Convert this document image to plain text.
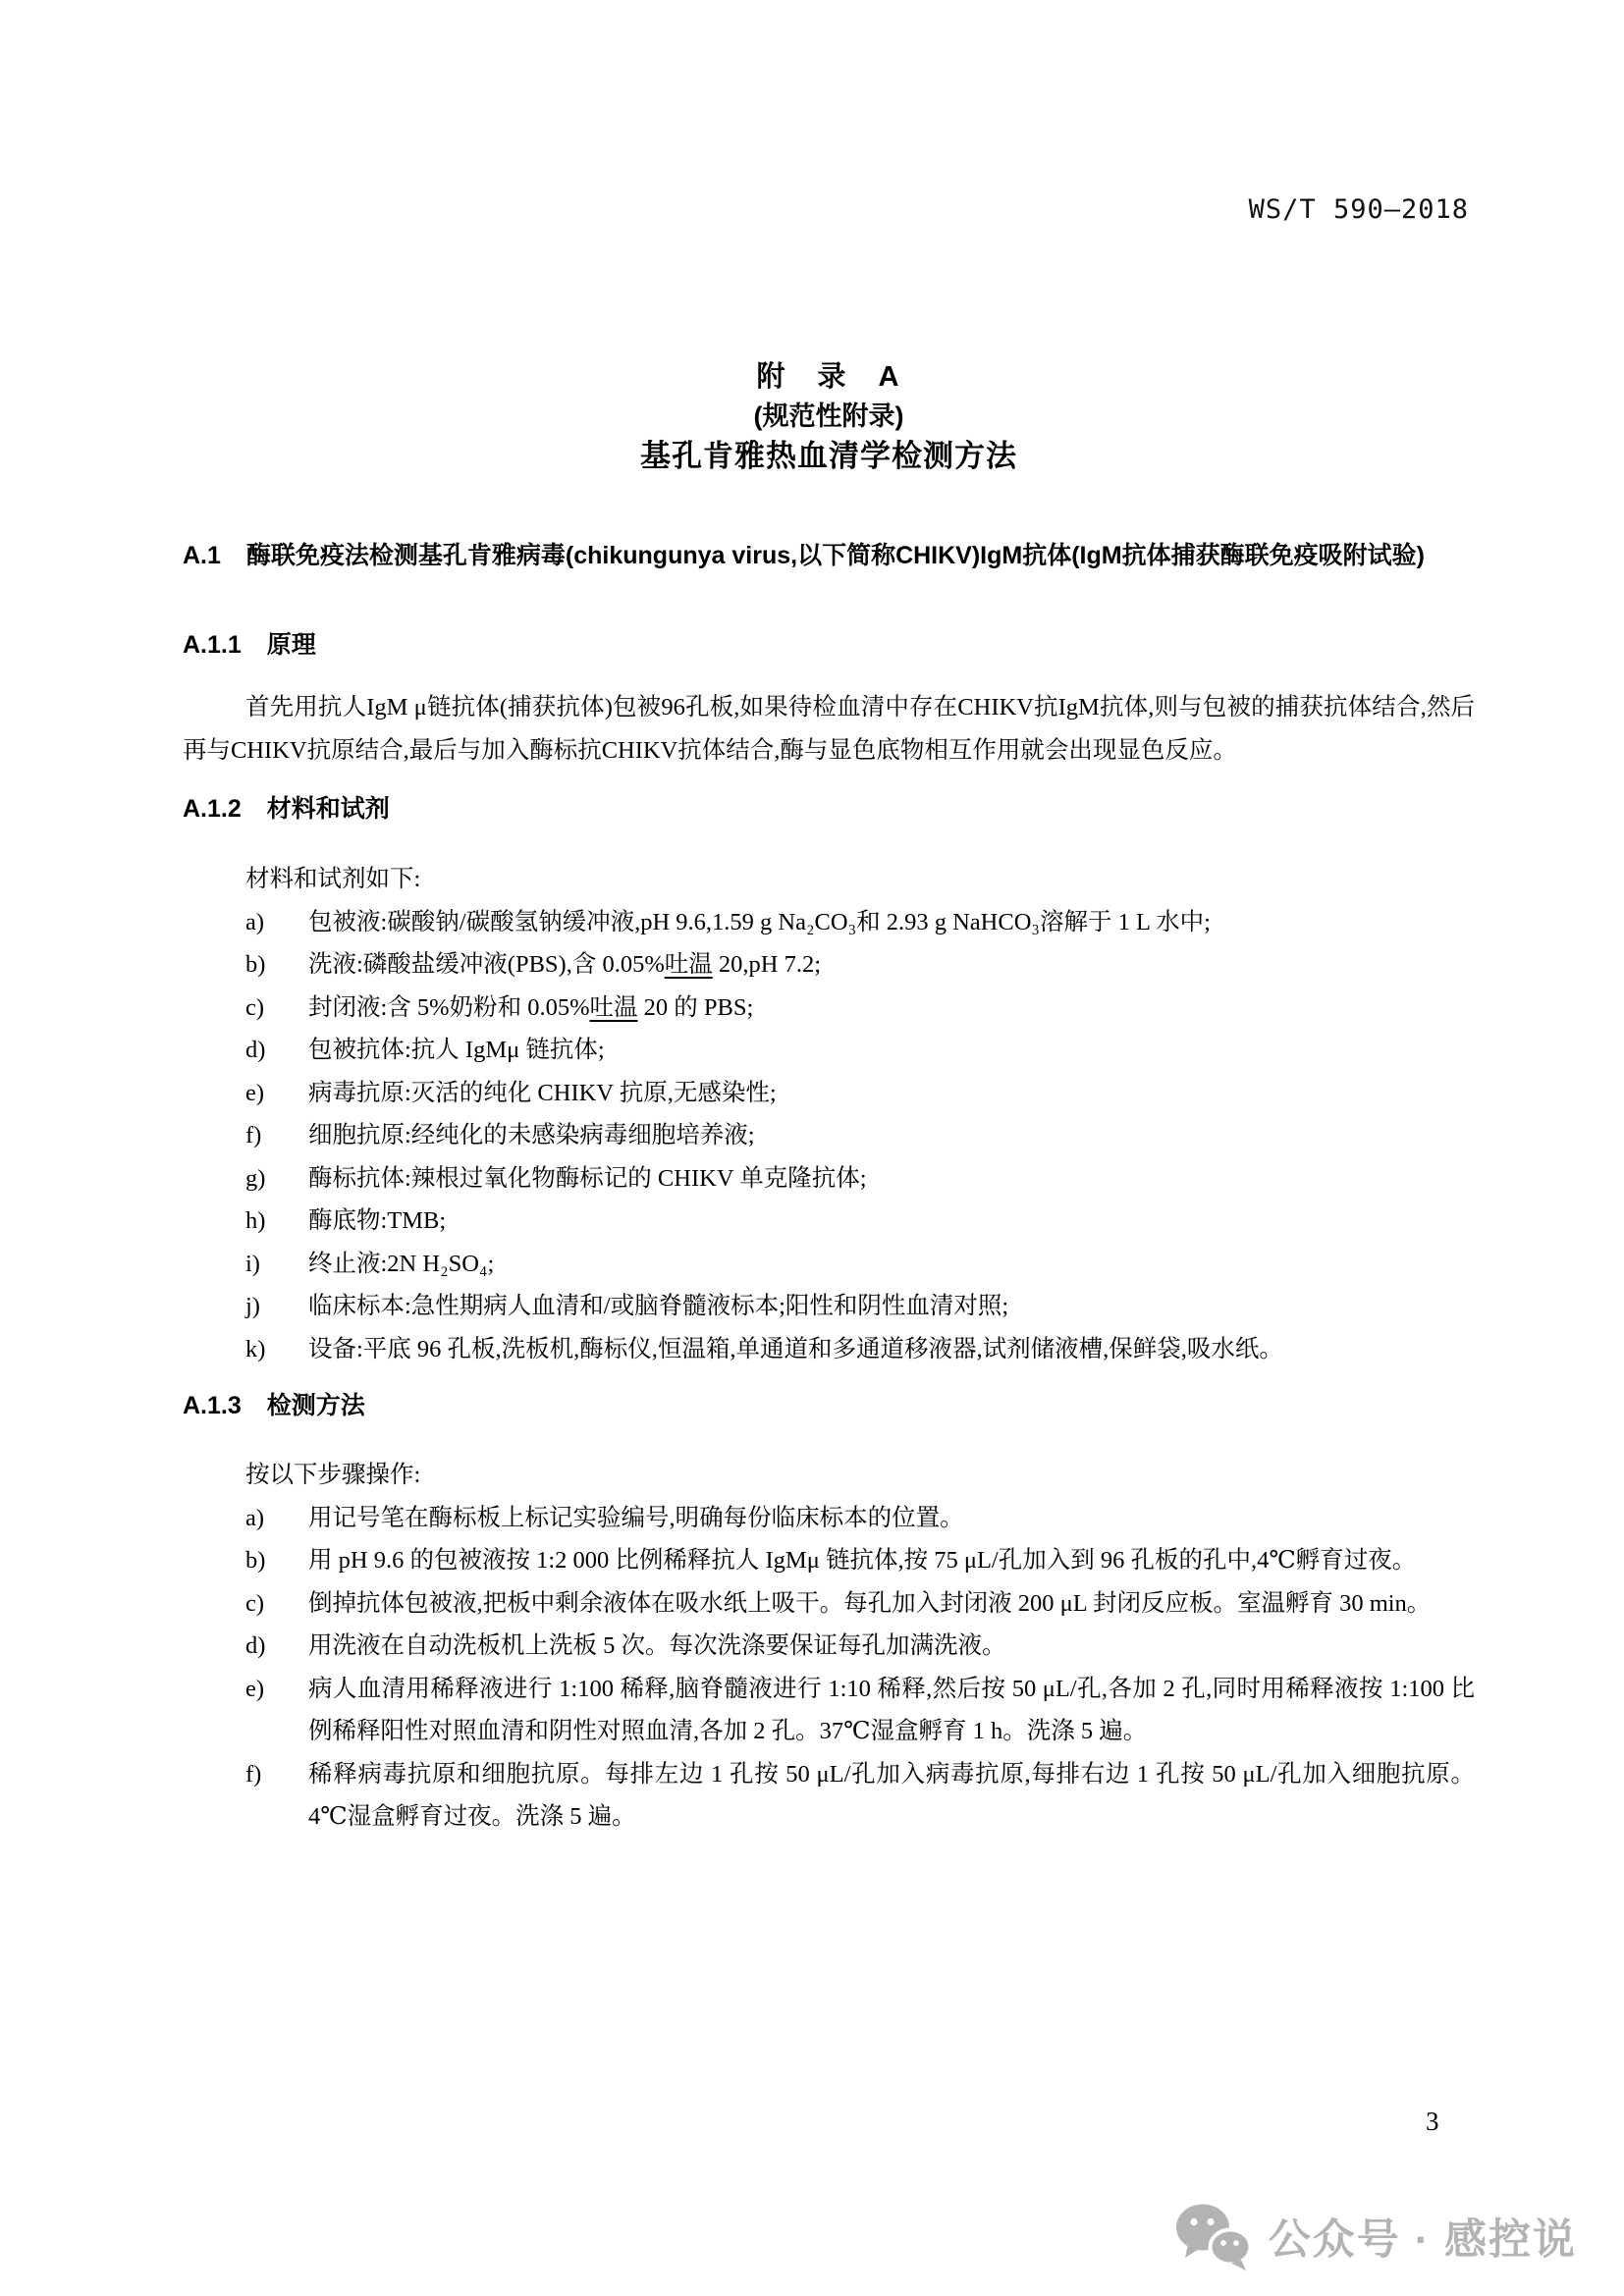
WS/T 590—2018
附　录　A
(规范性附录)
基孔肯雅热血清学检测方法
A.1 酶联免疫法检测基孔肯雅病毒(chikungunya virus,以下简称CHIKV)IgM抗体(IgM抗体捕获酶联免疫吸附试验)
A.1.1 原理
首先用抗人IgM μ链抗体(捕获抗体)包被96孔板,如果待检血清中存在CHIKV抗IgM抗体,则与包被的捕获抗体结合,然后再与CHIKV抗原结合,最后与加入酶标抗CHIKV抗体结合,酶与显色底物相互作用就会出现显色反应。
A.1.2 材料和试剂
材料和试剂如下:
a) 包被液:碳酸钠/碳酸氢钠缓冲液,pH 9.6,1.59 g Na₂CO₃和 2.93 g NaHCO₃溶解于 1 L 水中;
b) 洗液:磷酸盐缓冲液(PBS),含 0.05%吐温 20,pH 7.2;
c) 封闭液:含 5%奶粉和 0.05%吐温 20 的 PBS;
d) 包被抗体:抗人 IgMμ 链抗体;
e) 病毒抗原:灭活的纯化 CHIKV 抗原,无感染性;
f) 细胞抗原:经纯化的未感染病毒细胞培养液;
g) 酶标抗体:辣根过氧化物酶标记的 CHIKV 单克隆抗体;
h) 酶底物:TMB;
i) 终止液:2N H₂SO₄;
j) 临床标本:急性期病人血清和/或脑脊髓液标本;阳性和阴性血清对照;
k) 设备:平底 96 孔板,洗板机,酶标仪,恒温箱,单通道和多通道移液器,试剂储液槽,保鲜袋,吸水纸。
A.1.3 检测方法
按以下步骤操作:
a) 用记号笔在酶标板上标记实验编号,明确每份临床标本的位置。
b) 用 pH 9.6 的包被液按 1:2 000 比例稀释抗人 IgMμ 链抗体,按 75 μL/孔加入到 96 孔板的孔中,4℃孵育过夜。
c) 倒掉抗体包被液,把板中剩余液体在吸水纸上吸干。每孔加入封闭液 200 μL 封闭反应板。室温孵育 30 min。
d) 用洗液在自动洗板机上洗板 5 次。每次洗涤要保证每孔加满洗液。
e) 病人血清用稀释液进行 1:100 稀释,脑脊髓液进行 1:10 稀释,然后按 50 μL/孔,各加 2 孔,同时用稀释液按 1:100 比例稀释阳性对照血清和阴性对照血清,各加 2 孔。37℃湿盒孵育 1 h。洗涤 5 遍。
f) 稀释病毒抗原和细胞抗原。每排左边 1 孔按 50 μL/孔加入病毒抗原,每排右边 1 孔按 50 μL/孔加入细胞抗原。4℃湿盒孵育过夜。洗涤 5 遍。
3
公众号 · 感控说
